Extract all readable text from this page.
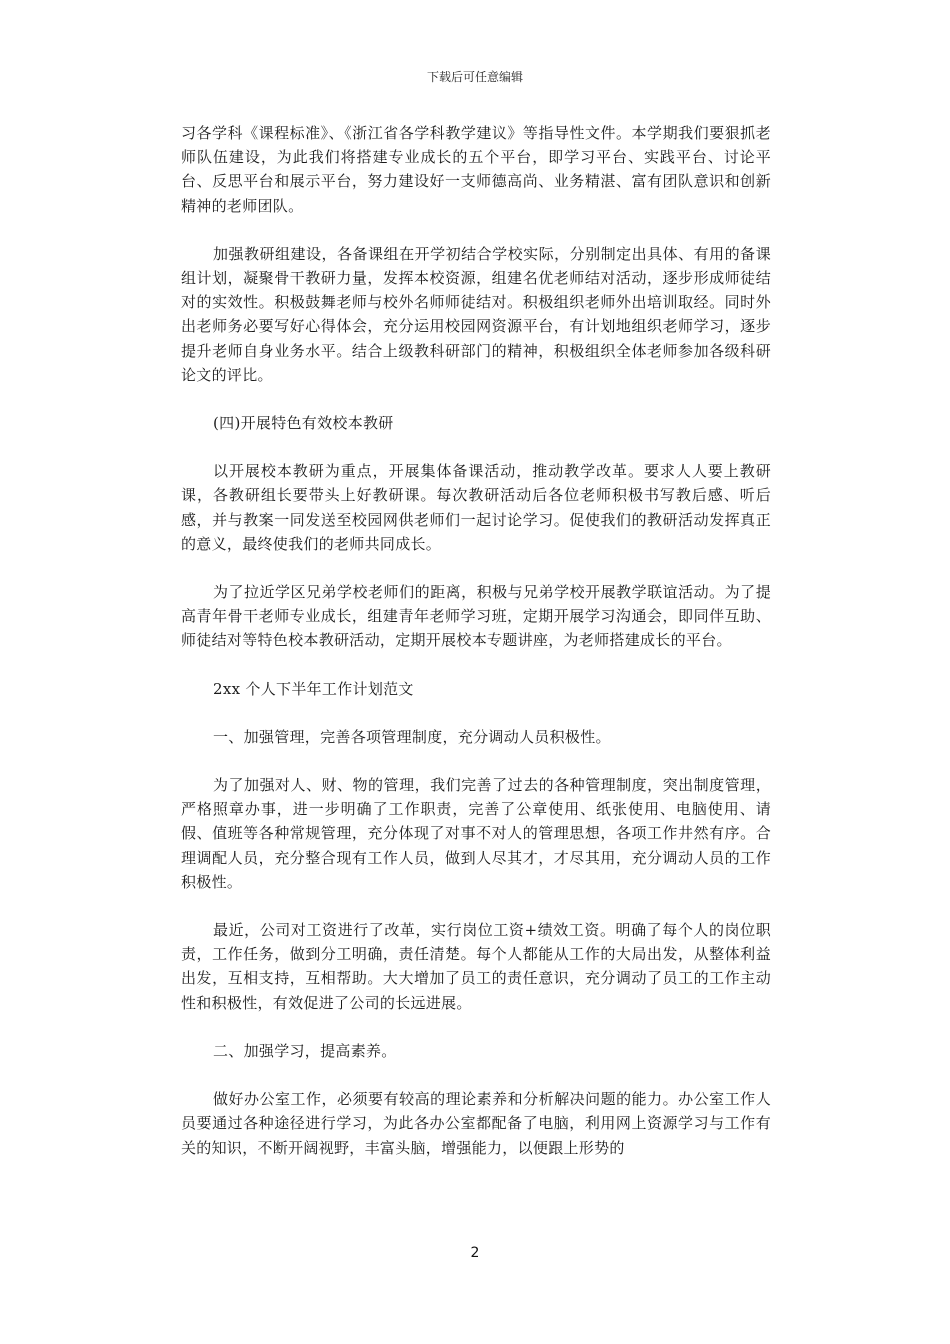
下载后可任意编辑

习各学科《课程标准》、《浙江省各学科教学建议》等指导性文件。本学期我们要狠抓老师队伍建设，为此我们将搭建专业成长的五个平台，即学习平台、实践平台、讨论平台、反思平台和展示平台，努力建设好一支师德高尚、业务精湛、富有团队意识和创新精神的老师团队。

加强教研组建设，各备课组在开学初结合学校实际，分别制定出具体、有用的备课组计划，凝聚骨干教研力量，发挥本校资源，组建名优老师结对活动，逐步形成师徒结对的实效性。积极鼓舞老师与校外名师师徒结对。积极组织老师外出培训取经。同时外出老师务必要写好心得体会，充分运用校园网资源平台，有计划地组织老师学习，逐步提升老师自身业务水平。结合上级教科研部门的精神，积极组织全体老师参加各级科研论文的评比。

(四)开展特色有效校本教研

以开展校本教研为重点，开展集体备课活动，推动教学改革。要求人人要上教研课，各教研组长要带头上好教研课。每次教研活动后各位老师积极书写教后感、听后感，并与教案一同发送至校园网供老师们一起讨论学习。促使我们的教研活动发挥真正的意义，最终使我们的老师共同成长。

为了拉近学区兄弟学校老师们的距离，积极与兄弟学校开展教学联谊活动。为了提高青年骨干老师专业成长，组建青年老师学习班，定期开展学习沟通会，即同伴互助、师徒结对等特色校本教研活动，定期开展校本专题讲座，为老师搭建成长的平台。

2xx 个人下半年工作计划范文

一、加强管理，完善各项管理制度，充分调动人员积极性。

为了加强对人、财、物的管理，我们完善了过去的各种管理制度，突出制度管理，严格照章办事，进一步明确了工作职责，完善了公章使用、纸张使用、电脑使用、请假、值班等各种常规管理，充分体现了对事不对人的管理思想，各项工作井然有序。合理调配人员，充分整合现有工作人员，做到人尽其才，才尽其用，充分调动人员的工作积极性。

最近，公司对工资进行了改革，实行岗位工资+绩效工资。明确了每个人的岗位职责，工作任务，做到分工明确，责任清楚。每个人都能从工作的大局出发，从整体利益出发，互相支持，互相帮助。大大增加了员工的责任意识，充分调动了员工的工作主动性和积极性，有效促进了公司的长远进展。

二、加强学习，提高素养。

做好办公室工作，必须要有较高的理论素养和分析解决问题的能力。办公室工作人员要通过各种途径进行学习，为此各办公室都配备了电脑，利用网上资源学习与工作有关的知识，不断开阔视野，丰富头脑，增强能力，以便跟上形势的

2
